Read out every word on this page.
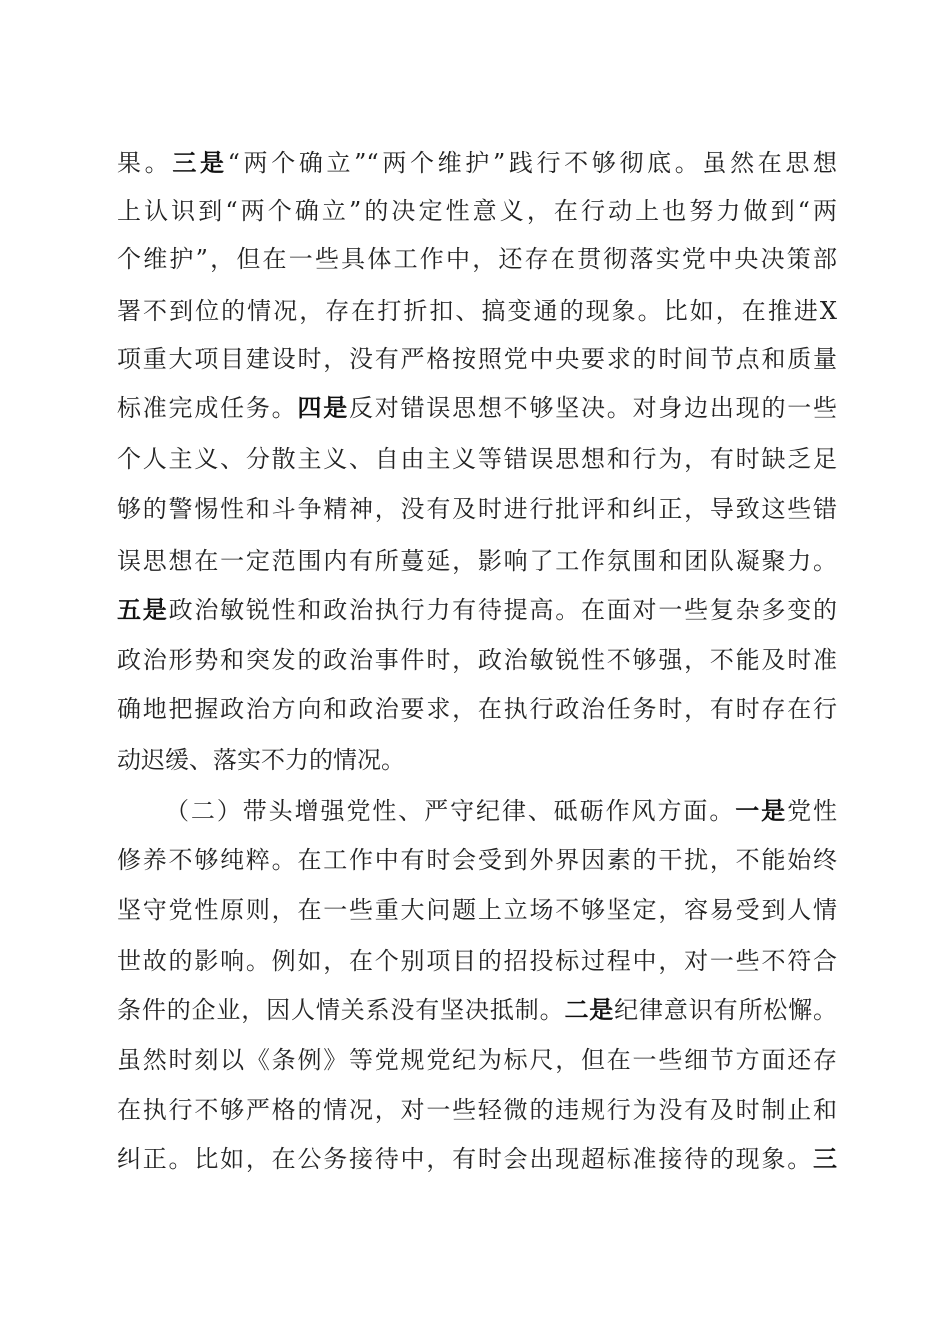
果。三是“两个确立”“两个维护”践行不够彻底。虽然在思想
上认识到“两个确立”的决定性意义，在行动上也努力做到“两
个维护”，但在一些具体工作中，还存在贯彻落实党中央决策部
署不到位的情况，存在打折扣、搞变通的现象。比如，在推进X
项重大项目建设时，没有严格按照党中央要求的时间节点和质量
标准完成任务。四是反对错误思想不够坚决。对身边出现的一些
个人主义、分散主义、自由主义等错误思想和行为，有时缺乏足
够的警惕性和斗争精神，没有及时进行批评和纠正，导致这些错
误思想在一定范围内有所蔓延，影响了工作氛围和团队凝聚力。
五是政治敏锐性和政治执行力有待提高。在面对一些复杂多变的
政治形势和突发的政治事件时，政治敏锐性不够强，不能及时准
确地把握政治方向和政治要求，在执行政治任务时，有时存在行
动迟缓、落实不力的情况。
（二）带头增强党性、严守纪律、砥砺作风方面。一是党性
修养不够纯粹。在工作中有时会受到外界因素的干扰，不能始终
坚守党性原则，在一些重大问题上立场不够坚定，容易受到人情
世故的影响。例如，在个别项目的招投标过程中，对一些不符合
条件的企业，因人情关系没有坚决抵制。二是纪律意识有所松懈。
虽然时刻以《条例》等党规党纪为标尺，但在一些细节方面还存
在执行不够严格的情况，对一些轻微的违规行为没有及时制止和
纠正。比如，在公务接待中，有时会出现超标准接待的现象。三
